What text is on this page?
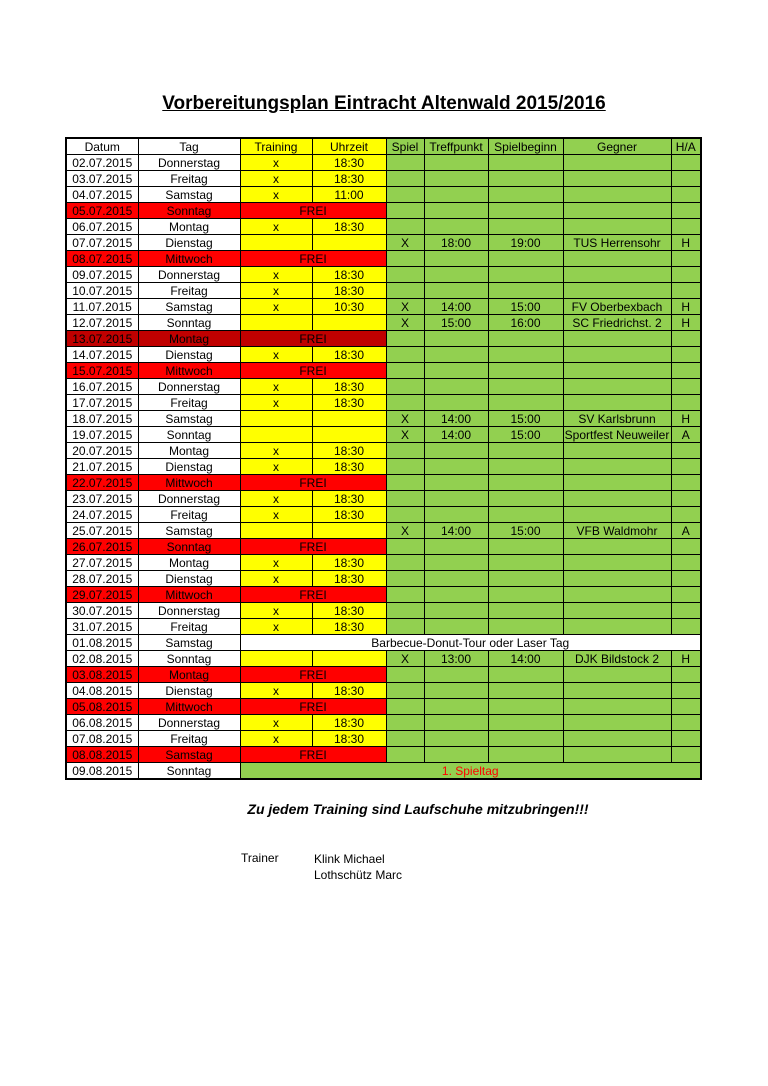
Vorbereitungsplan Eintracht Altenwald 2015/2016
Datum	Tag	Training	Uhrzeit	Spiel	Treffpunkt	Spielbeginn	Gegner	H/A
02.07.2015	Donnerstag	x	18:30					
03.07.2015	Freitag	x	18:30					
04.07.2015	Samstag	x	11:00					
05.07.2015	Sonntag	FREI						
06.07.2015	Montag	x	18:30					
07.07.2015	Dienstag			X	18:00	19:00	TUS Herrensohr	H
08.07.2015	Mittwoch	FREI						
09.07.2015	Donnerstag	x	18:30					
10.07.2015	Freitag	x	18:30					
11.07.2015	Samstag	x	10:30	X	14:00	15:00	FV Oberbexbach	H
12.07.2015	Sonntag			X	15:00	16:00	SC Friedrichst. 2	H
13.07.2015	Montag	FREI						
14.07.2015	Dienstag	x	18:30					
15.07.2015	Mittwoch	FREI						
16.07.2015	Donnerstag	x	18:30					
17.07.2015	Freitag	x	18:30					
18.07.2015	Samstag			X	14:00	15:00	SV Karlsbrunn	H
19.07.2015	Sonntag			X	14:00	15:00	Sportfest Neuweiler	A
20.07.2015	Montag	x	18:30					
21.07.2015	Dienstag	x	18:30					
22.07.2015	Mittwoch	FREI						
23.07.2015	Donnerstag	x	18:30					
24.07.2015	Freitag	x	18:30					
25.07.2015	Samstag			X	14:00	15:00	VFB Waldmohr	A
26.07.2015	Sonntag	FREI						
27.07.2015	Montag	x	18:30					
28.07.2015	Dienstag	x	18:30					
29.07.2015	Mittwoch	FREI						
30.07.2015	Donnerstag	x	18:30					
31.07.2015	Freitag	x	18:30					
01.08.2015	Samstag	Barbecue-Donut-Tour oder Laser Tag						
02.08.2015	Sonntag			X	13:00	14:00	DJK Bildstock 2	H
03.08.2015	Montag	FREI						
04.08.2015	Dienstag	x	18:30					
05.08.2015	Mittwoch	FREI						
06.08.2015	Donnerstag	x	18:30					
07.08.2015	Freitag	x	18:30					
08.08.2015	Samstag	FREI						
09.08.2015	Sonntag	1. Spieltag						
Zu jedem Training sind Laufschuhe mitzubringen!!!
Trainer	Klink Michael
Lothschütz Marc
